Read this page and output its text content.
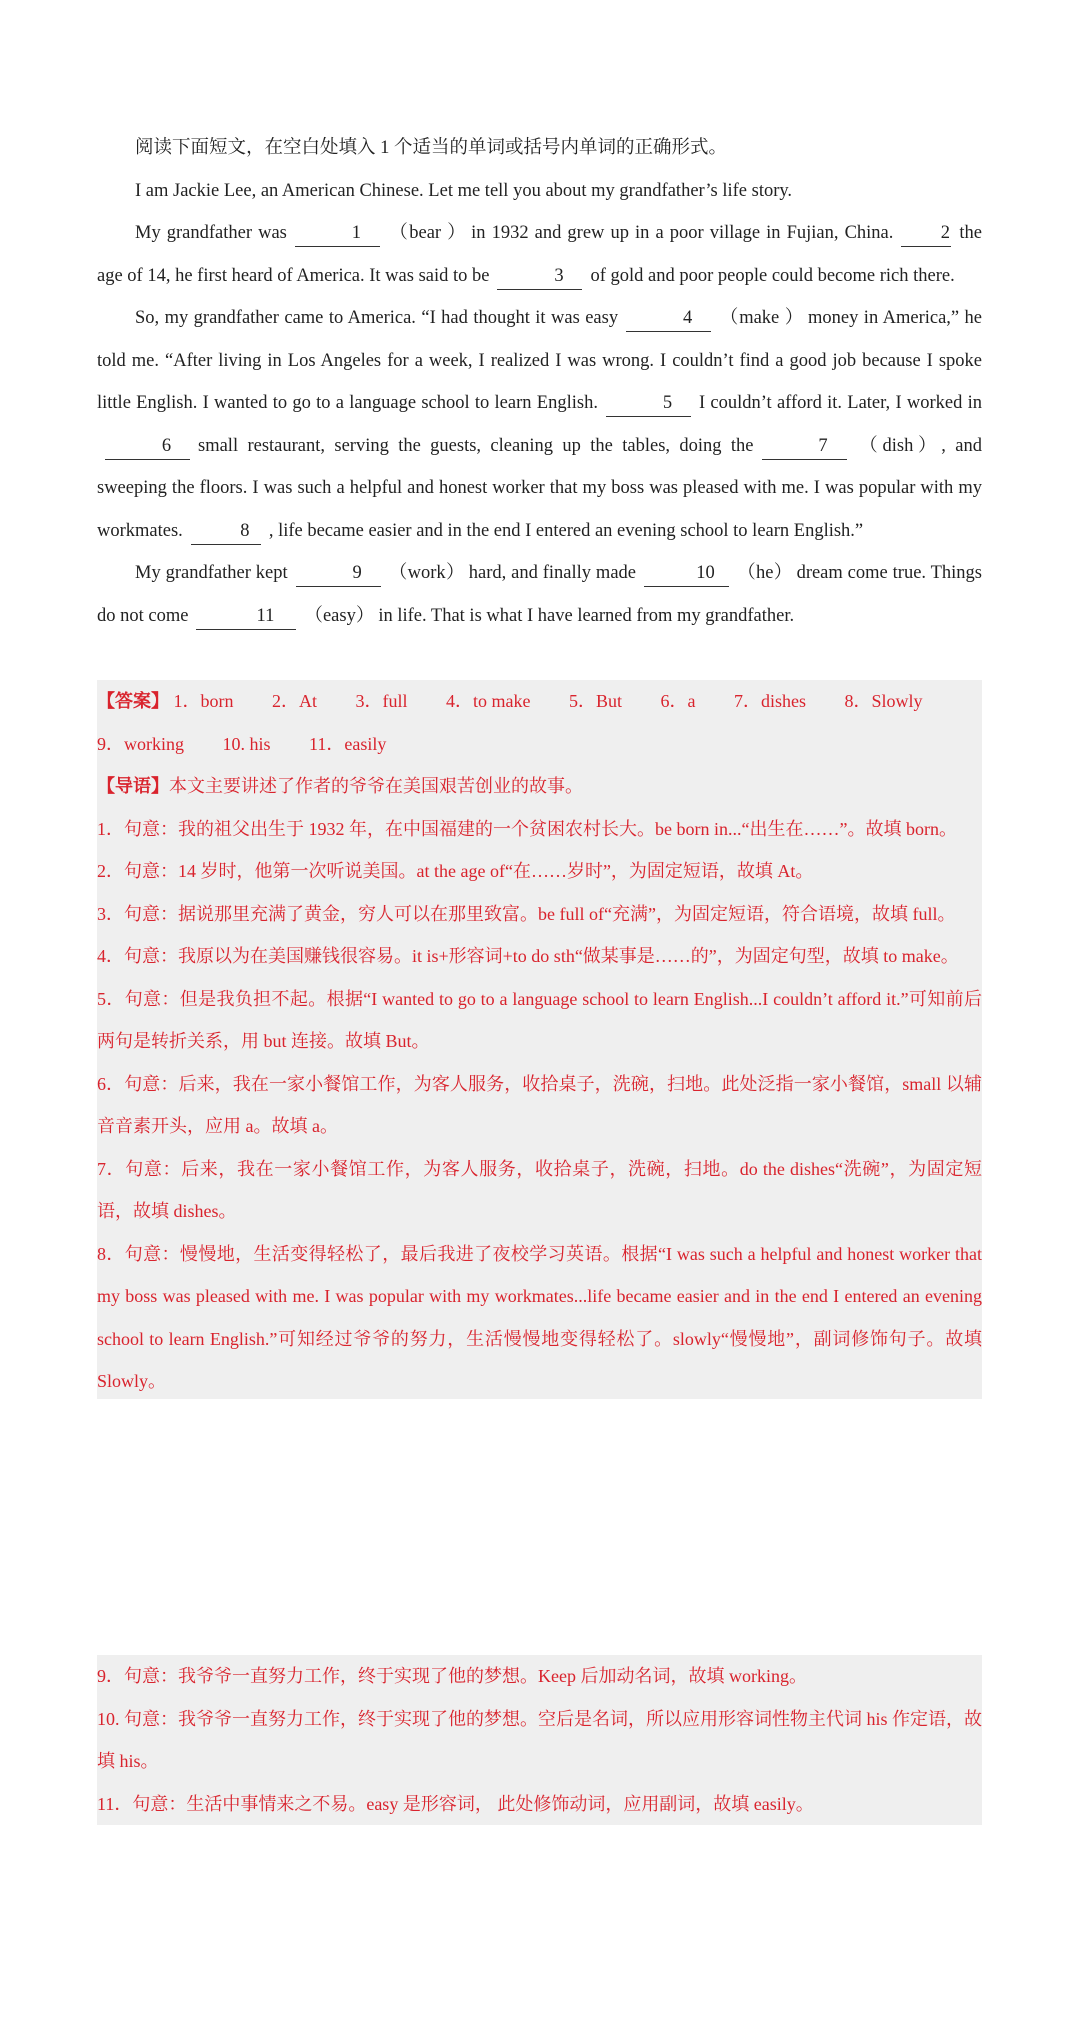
阅读下面短文，在空白处填入 1 个适当的单词或括号内单词的正确形式。

I am Jackie Lee, an American Chinese. Let me tell you about my grandfather’s life story.

My grandfather was	1 （bear ） in 1932 and grew up in a poor village in Fujian, China.	2 the age of 14, he first heard of America. It was said to be	3 of gold and poor people could become rich there.

So, my grandfather came to America. “I had thought it was easy	4 （make ） money in America,” he told me. “After living in Los Angeles for a week, I realized I was wrong. I couldn’t find a good job because I spoke little English. I wanted to go to a language school to learn English.	5 I couldn’t afford it. Later, I worked in6 small restaurant, serving the guests, cleaning up the tables, doing the	7 （dish）, and sweeping the floors. I was such a helpful and honest worker that my boss was pleased with me. I was popular with my workmates.	8 , life became easier and in the end I entered an evening school to learn English.”

My grandfather kept	9 （work） hard, and finally made	10 （he） dream come true. Things do not come	11 （easy） in life. That is what I have learned from my grandfather.

【答案】 1．born 2．At 3．full 4．to make 5．But 6．a 7．dishes 8．Slowly

9．working 10. his 11．easily

【导语】本文主要讲述了作者的爷爷在美国艰苦创业的故事。

1．句意：我的祖父出生于 1932 年，在中国福建的一个贫困农村长大。be born in...“出生在……”。故填 born。

2．句意：14 岁时，他第一次听说美国。at the age of“在……岁时”，为固定短语，故填 At。

3．句意：据说那里充满了黄金，穷人可以在那里致富。be full of“充满”，为固定短语，符合语境，故填 full。

4．句意：我原以为在美国赚钱很容易。it is+形容词+to do sth“做某事是……的”，为固定句型，故填 to make。

5．句意：但是我负担不起。根据“I wanted to go to a language school to learn English...I couldn’t afford it.”可知前后两句是转折关系，用 but 连接。故填 But。

6．句意：后来，我在一家小餐馆工作，为客人服务，收拾桌子，洗碗，扫地。此处泛指一家小餐馆，small 以辅音音素开头，应用 a。故填 a。

7．句意：后来，我在一家小餐馆工作，为客人服务，收拾桌子，洗碗，扫地。do the dishes“洗碗”，为固定短语，故填 dishes。

8．句意：慢慢地，生活变得轻松了，最后我进了夜校学习英语。根据“I was such a helpful and honest worker that my boss was pleased with me. I was popular with my workmates...life became easier and in the end I entered an evening school to learn English.”可知经过爷爷的努力，生活慢慢地变得轻松了。slowly“慢慢地”，副词修饰句子。故填 Slowly。

9．句意：我爷爷一直努力工作，终于实现了他的梦想。Keep 后加动名词，故填 working。

10. 句意：我爷爷一直努力工作，终于实现了他的梦想。空后是名词，所以应用形容词性物主代词 his 作定语，故填 his。

11．句意：生活中事情来之不易。easy 是形容词， 此处修饰动词，应用副词，故填 easily。
